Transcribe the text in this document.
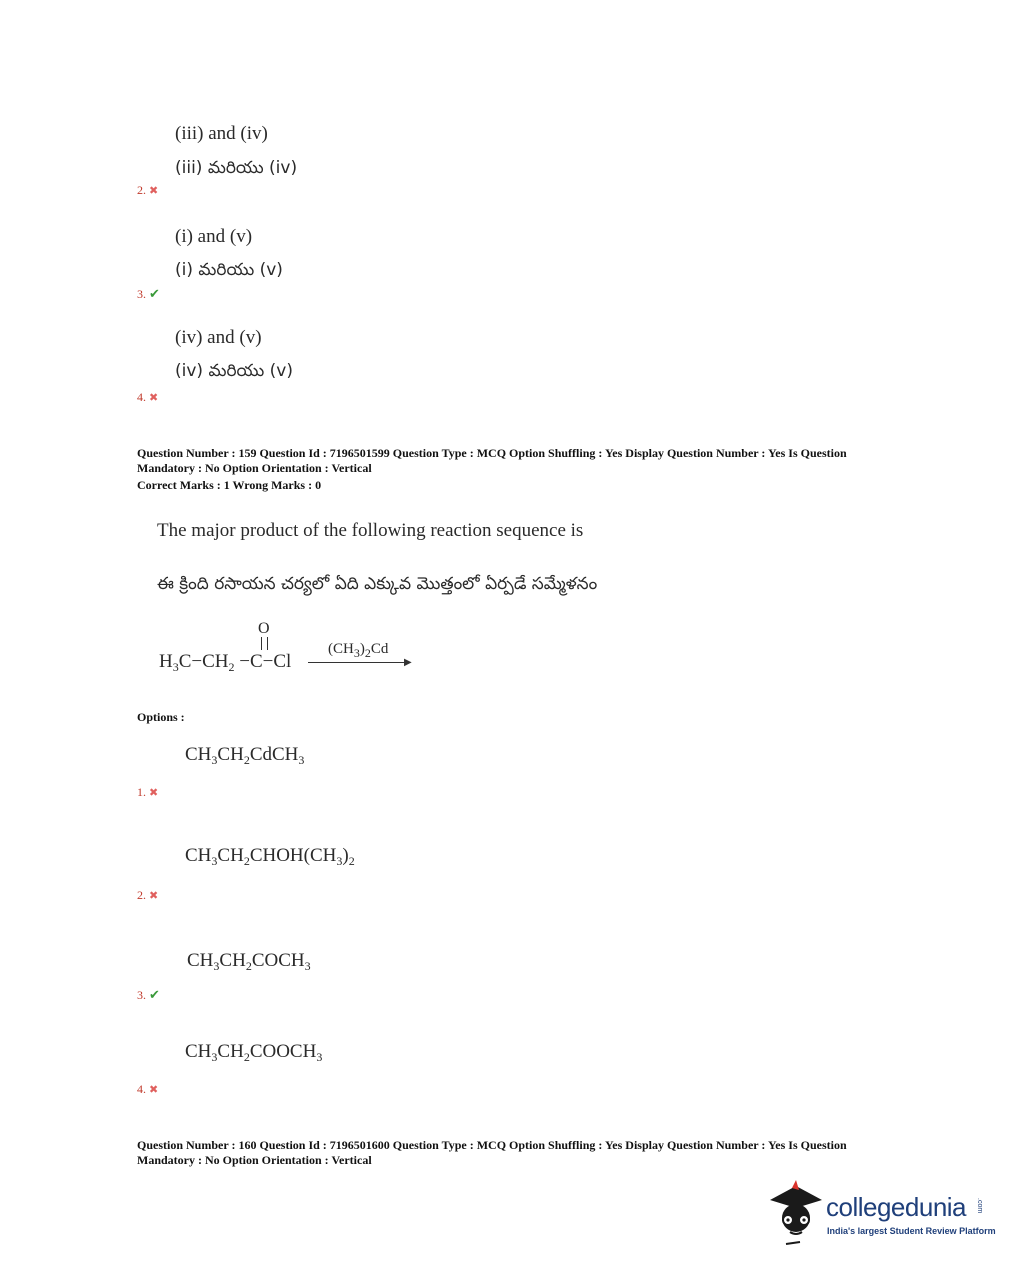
(iii) and (iv)
(iii) మరియు (iv)
2. ✖
(i) and (v)
(i) మరియు (v)
3. ✔
(iv) and (v)
(iv) మరియు (v)
4. ✖
Question Number : 159 Question Id : 7196501599 Question Type : MCQ Option Shuffling : Yes Display Question Number : Yes Is Question
Mandatory : No Option Orientation : Vertical
Correct Marks : 1 Wrong Marks : 0
The major product of the following reaction sequence is
ఈ క్రింది రసాయన చర్యలో ఏది ఎక్కువ మొత్తంలో ఏర్పడే సమ్మేళనం
O
$H_3C-CH_2 -C-Cl$	▶
$(CH_3)_2Cd$
Options :
$CH_3CH_2CdCH_3$
1. ✖
$CH_3CH_2CHOH(CH_3)_2$
2. ✖
$CH_3CH_2COCH_3$
3. ✔
$CH_3CH_2COOCH_3$
4. ✖
Question Number : 160 Question Id : 7196501600 Question Type : MCQ Option Shuffling : Yes Display Question Number : Yes Is Question
Mandatory : No Option Orientation : Vertical
collegedunia .com
India's largest Student Review Platform
